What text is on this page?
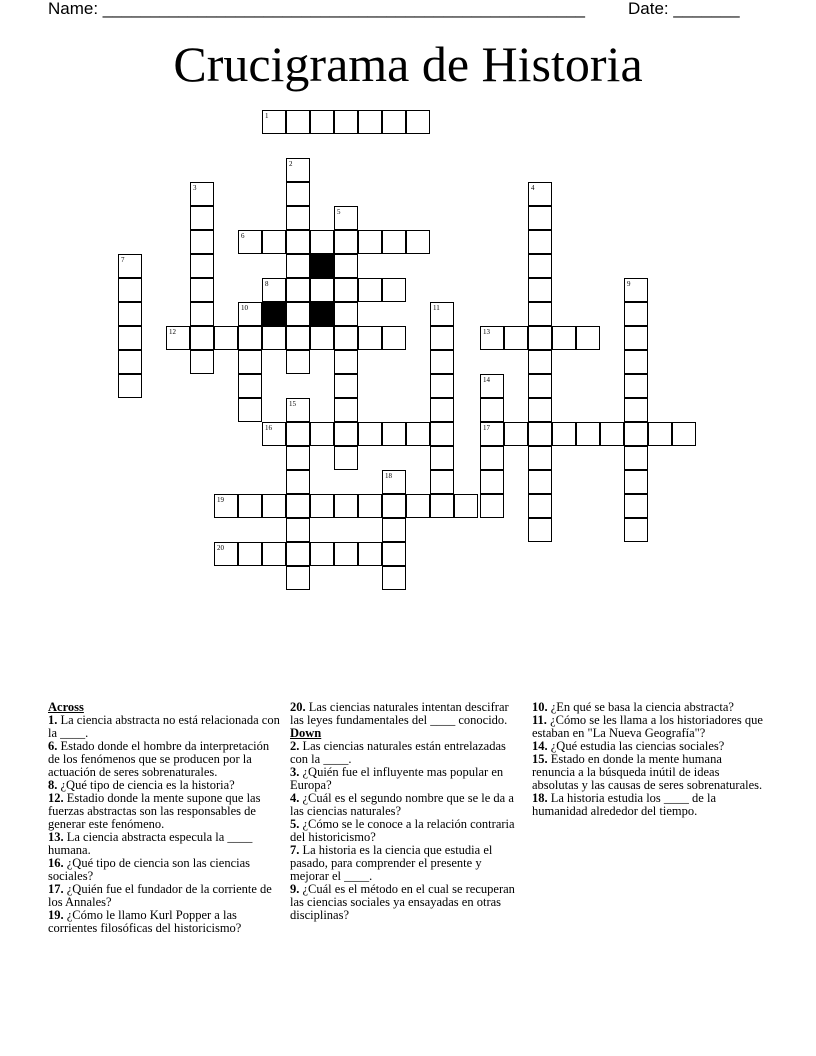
Name: ___________________________________________________	Date: _______
Crucigrama de Historia
1
2
3
5
6
8
10
12
7
15
16
11
4
13
9
14
17
18
19
20
Across
1. La ciencia abstracta no está relacionada con la ____.
6. Estado donde el hombre da interpretación de los fenómenos que se producen por la actuación de seres sobrenaturales.
8. ¿Qué tipo de ciencia es la historia?
12. Estadio donde la mente supone que las fuerzas abstractas son las responsables de generar este fenómeno.
13. La ciencia abstracta especula la ____ humana.
16. ¿Qué tipo de ciencia son las ciencias sociales?
17. ¿Quién fue el fundador de la corriente de los Annales?
19. ¿Cómo le llamo Kurl Popper a las corrientes filosóficas del historicismo?
20. Las ciencias naturales intentan descifrar las leyes fundamentales del ____ conocido.
Down
2. Las ciencias naturales están entrelazadas con la ____.
3. ¿Quién fue el influyente mas popular en Europa?
4. ¿Cuál es el segundo nombre que se le da a las ciencias naturales?
5. ¿Cómo se le conoce a la relación contraria del historicismo?
7. La historia es la ciencia que estudia el pasado, para comprender el presente y mejorar el ____.
9. ¿Cuál es el método en el cual se recuperan las ciencias sociales ya ensayadas en otras disciplinas?
10. ¿En qué se basa la ciencia abstracta?
11. ¿Cómo se les llama a los historiadores que estaban en "La Nueva Geografía"?
14. ¿Qué estudia las ciencias sociales?
15. Estado en donde la mente humana renuncia a la búsqueda inútil de ideas absolutas y las causas de seres sobrenaturales.
18. La historia estudia los ____ de la humanidad alrededor del tiempo.
